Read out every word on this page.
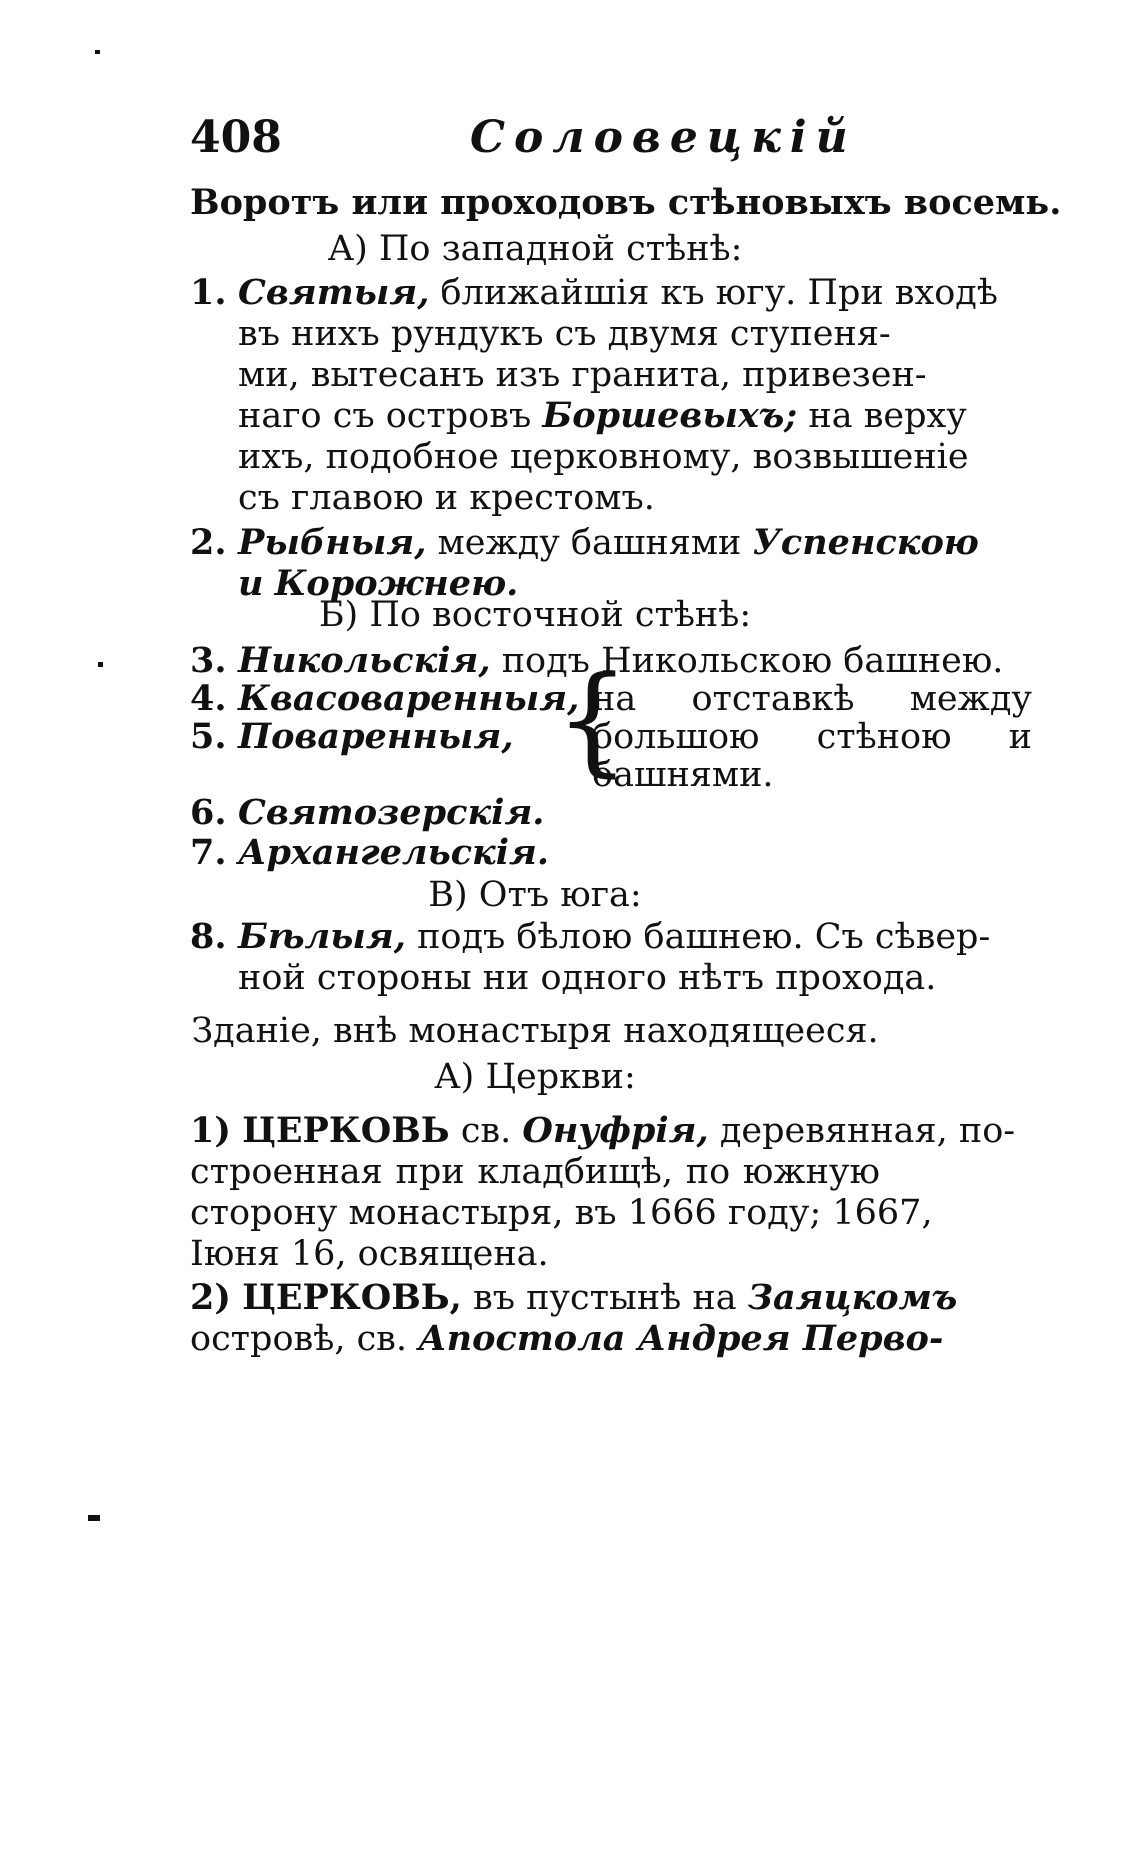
408	Соловецкiй
Воротъ или проходовъ стѣновыхъ восемь.
А) По западной стѣнѣ:
1. Святыя, ближайшiя къ югу. При входѣ
въ нихъ рундукъ съ двумя ступеня-
ми, вытесанъ изъ гранита, привезен-
наго съ островъ Боршевыхъ; на верху
ихъ, подобное церковному, возвышенiе
съ главою и крестомъ.
2. Рыбныя, между башнями Успенскою
и Корожнею.
Б) По восточной стѣнѣ:
3. Никольскiя, подъ Никольскою башнею.
4. Квасоваренныя,
5. Поваренныя, {
на отставкѣ между
большою стѣною и
башнями.
6. Святозерскiя.
7. Архангельскiя.
В) Отъ юга:
8. Бѣлыя, подъ бѣлою башнею. Съ сѣвер-
ной стороны ни одного нѣтъ прохода.
Зданiе, внѣ монастыря находящееся.
А) Церкви:
1) ЦЕРКОВЬ св. Онуфрiя, деревянная, по-
строенная при кладбищѣ, по южную
сторону монастыря, въ 1666 году; 1667,
Iюня 16, освящена.
2) ЦЕРКОВЬ, въ пустынѣ на Заяцкомъ
островѣ, св. Апостола Андрея Перво-
